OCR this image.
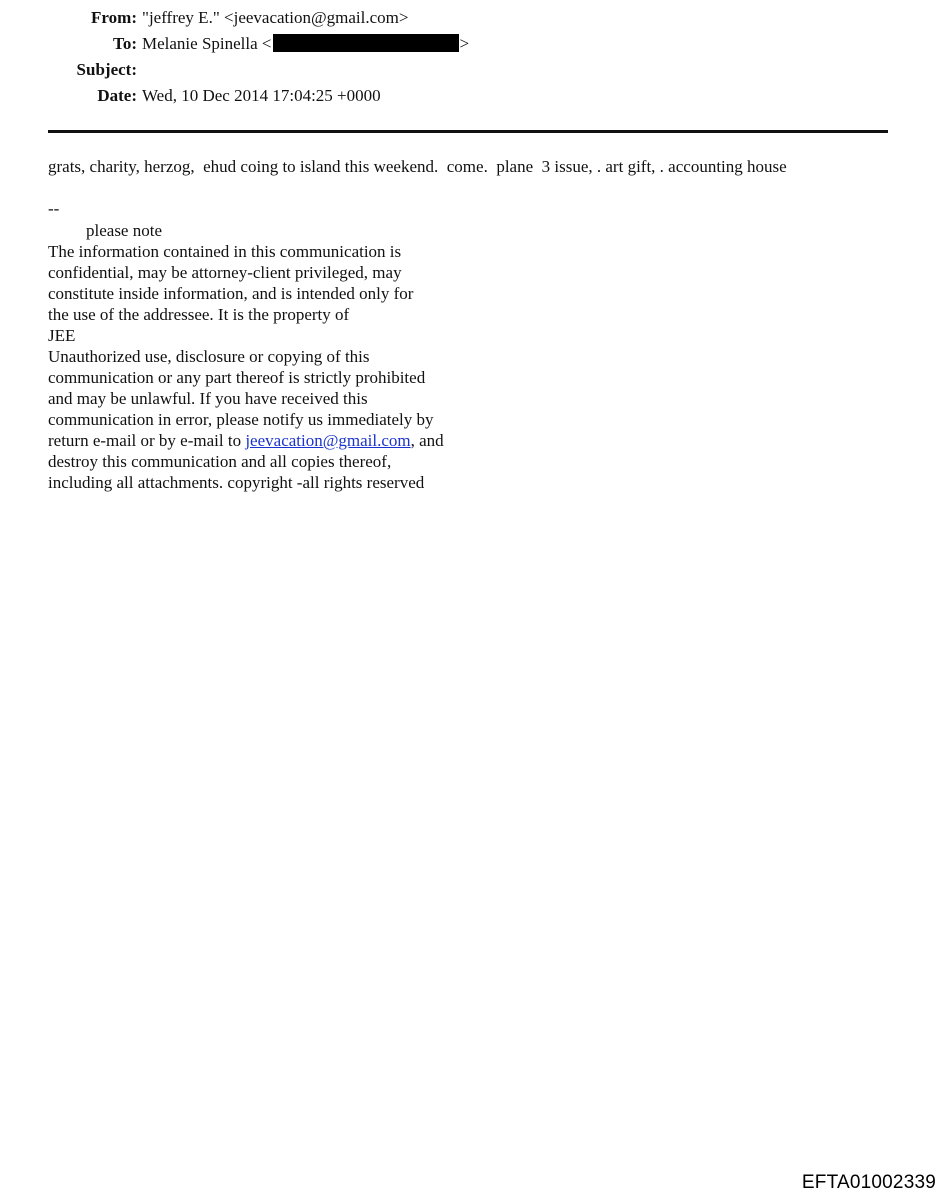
From: "jeffrey E." <jeevacation@gmail.com>
To: Melanie Spinella <	>
Subject:
Date: Wed, 10 Dec 2014 17:04:25 +0000
grats, charity, herzog,  ehud coing to island this weekend.  come.  plane  3 issue, . art gift, . accounting house
--
please note
The information contained in this communication is
confidential, may be attorney-client privileged, may
constitute inside information, and is intended only for
the use of the addressee. It is the property of
JEE
Unauthorized use, disclosure or copying of this
communication or any part thereof is strictly prohibited
and may be unlawful. If you have received this
communication in error, please notify us immediately by
return e-mail or by e-mail to jeevacation@gmail.com, and
destroy this communication and all copies thereof,
including all attachments. copyright -all rights reserved
EFTA01002339
